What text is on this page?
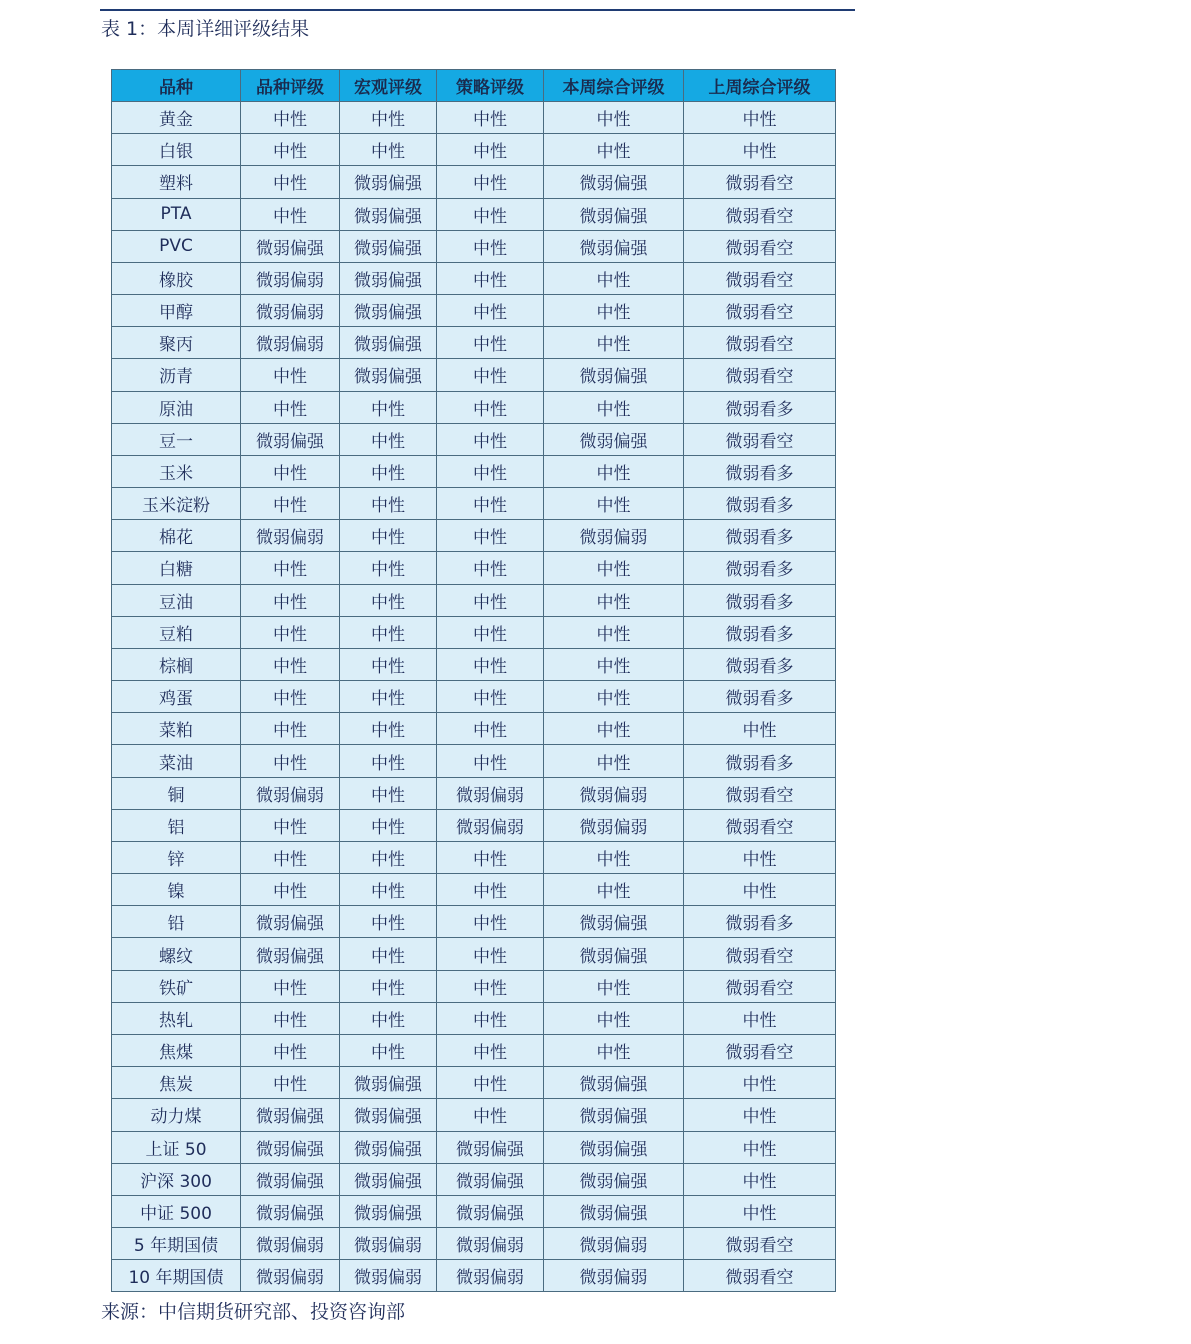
表 1：本周详细评级结果
品种	品种评级	宏观评级	策略评级	本周综合评级	上周综合评级
黄金	中性	中性	中性	中性	中性
白银	中性	中性	中性	中性	中性
塑料	中性	微弱偏强	中性	微弱偏强	微弱看空
PTA	中性	微弱偏强	中性	微弱偏强	微弱看空
PVC	微弱偏强	微弱偏强	中性	微弱偏强	微弱看空
橡胶	微弱偏弱	微弱偏强	中性	中性	微弱看空
甲醇	微弱偏弱	微弱偏强	中性	中性	微弱看空
聚丙	微弱偏弱	微弱偏强	中性	中性	微弱看空
沥青	中性	微弱偏强	中性	微弱偏强	微弱看空
原油	中性	中性	中性	中性	微弱看多
豆一	微弱偏强	中性	中性	微弱偏强	微弱看空
玉米	中性	中性	中性	中性	微弱看多
玉米淀粉	中性	中性	中性	中性	微弱看多
棉花	微弱偏弱	中性	中性	微弱偏弱	微弱看多
白糖	中性	中性	中性	中性	微弱看多
豆油	中性	中性	中性	中性	微弱看多
豆粕	中性	中性	中性	中性	微弱看多
棕榈	中性	中性	中性	中性	微弱看多
鸡蛋	中性	中性	中性	中性	微弱看多
菜粕	中性	中性	中性	中性	中性
菜油	中性	中性	中性	中性	微弱看多
铜	微弱偏弱	中性	微弱偏弱	微弱偏弱	微弱看空
铝	中性	中性	微弱偏弱	微弱偏弱	微弱看空
锌	中性	中性	中性	中性	中性
镍	中性	中性	中性	中性	中性
铅	微弱偏强	中性	中性	微弱偏强	微弱看多
螺纹	微弱偏强	中性	中性	微弱偏强	微弱看空
铁矿	中性	中性	中性	中性	微弱看空
热轧	中性	中性	中性	中性	中性
焦煤	中性	中性	中性	中性	微弱看空
焦炭	中性	微弱偏强	中性	微弱偏强	中性
动力煤	微弱偏强	微弱偏强	中性	微弱偏强	中性
上证 50	微弱偏强	微弱偏强	微弱偏强	微弱偏强	中性
沪深 300	微弱偏强	微弱偏强	微弱偏强	微弱偏强	中性
中证 500	微弱偏强	微弱偏强	微弱偏强	微弱偏强	中性
5 年期国债	微弱偏弱	微弱偏弱	微弱偏弱	微弱偏弱	微弱看空
10 年期国债	微弱偏弱	微弱偏弱	微弱偏弱	微弱偏弱	微弱看空
来源：中信期货研究部、投资咨询部
